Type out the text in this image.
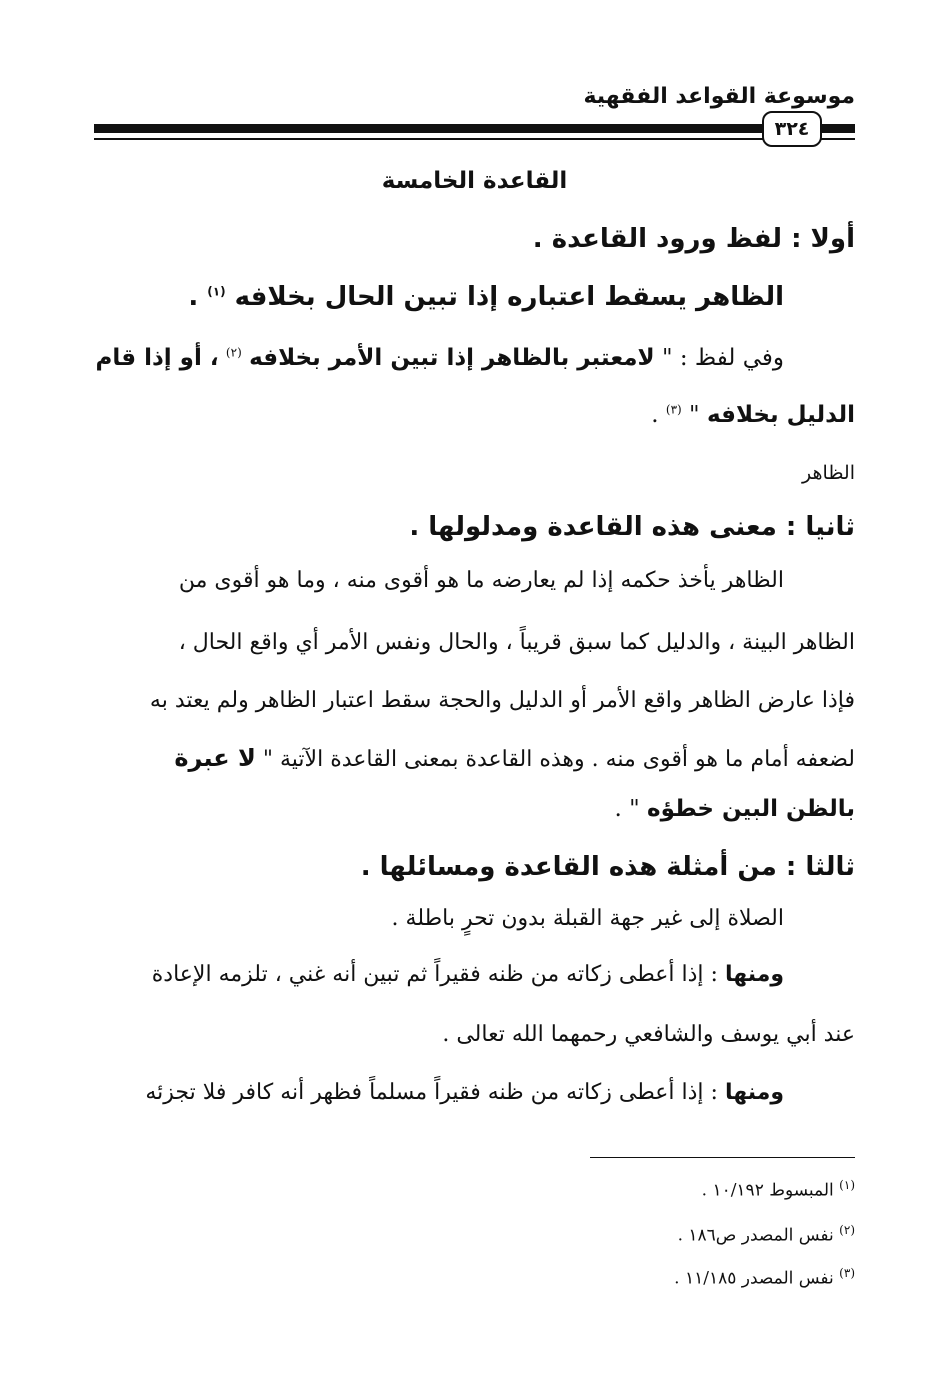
موسوعة القواعد الفقهية
٣٢٤
القاعدة الخامسة
أولا : لفظ ورود القاعدة .
الظاهر يسقط اعتباره إذا تبين الحال بخلافه $^{(١)}$ .
وفي لفظ : " لامعتبر بالظاهر إذا تبين الأمر بخلافه $^{(٢)}$ ، أو إذا قام
الدليل بخلافه " $^{(٣)}$ .
الظاهر
ثانيا : معنى هذه القاعدة ومدلولها .
الظاهر يأخذ حكمه إذا لم يعارضه ما هو أقوى منه ، وما هو أقوى من
الظاهر البينة ، والدليل كما سبق قريباً ، والحال ونفس الأمر أي واقع الحال ،
فإذا عارض الظاهر واقع الأمر أو الدليل والحجة سقط اعتبار الظاهر ولم يعتد به
لضعفه أمام ما هو أقوى منه . وهذه القاعدة بمعنى القاعدة الآتية " لا عبرة
بالظن البين خطؤه " .
ثالثا : من أمثلة هذه القاعدة ومسائلها .
الصلاة إلى غير جهة القبلة بدون تحرٍ باطلة .
ومنها : إذا أعطى زكاته من ظنه فقيراً ثم تبين أنه غني ، تلزمه الإعادة
عند أبي يوسف والشافعي رحمهما الله تعالى .
ومنها : إذا أعطى زكاته من ظنه فقيراً مسلماً فظهر أنه كافر فلا تجزئه
$^{(١)}$ المبسوط ١٠/١٩٢ .
$^{(٢)}$ نفس المصدر ص١٨٦ .
$^{(٣)}$ نفس المصدر ١١/١٨٥ .
